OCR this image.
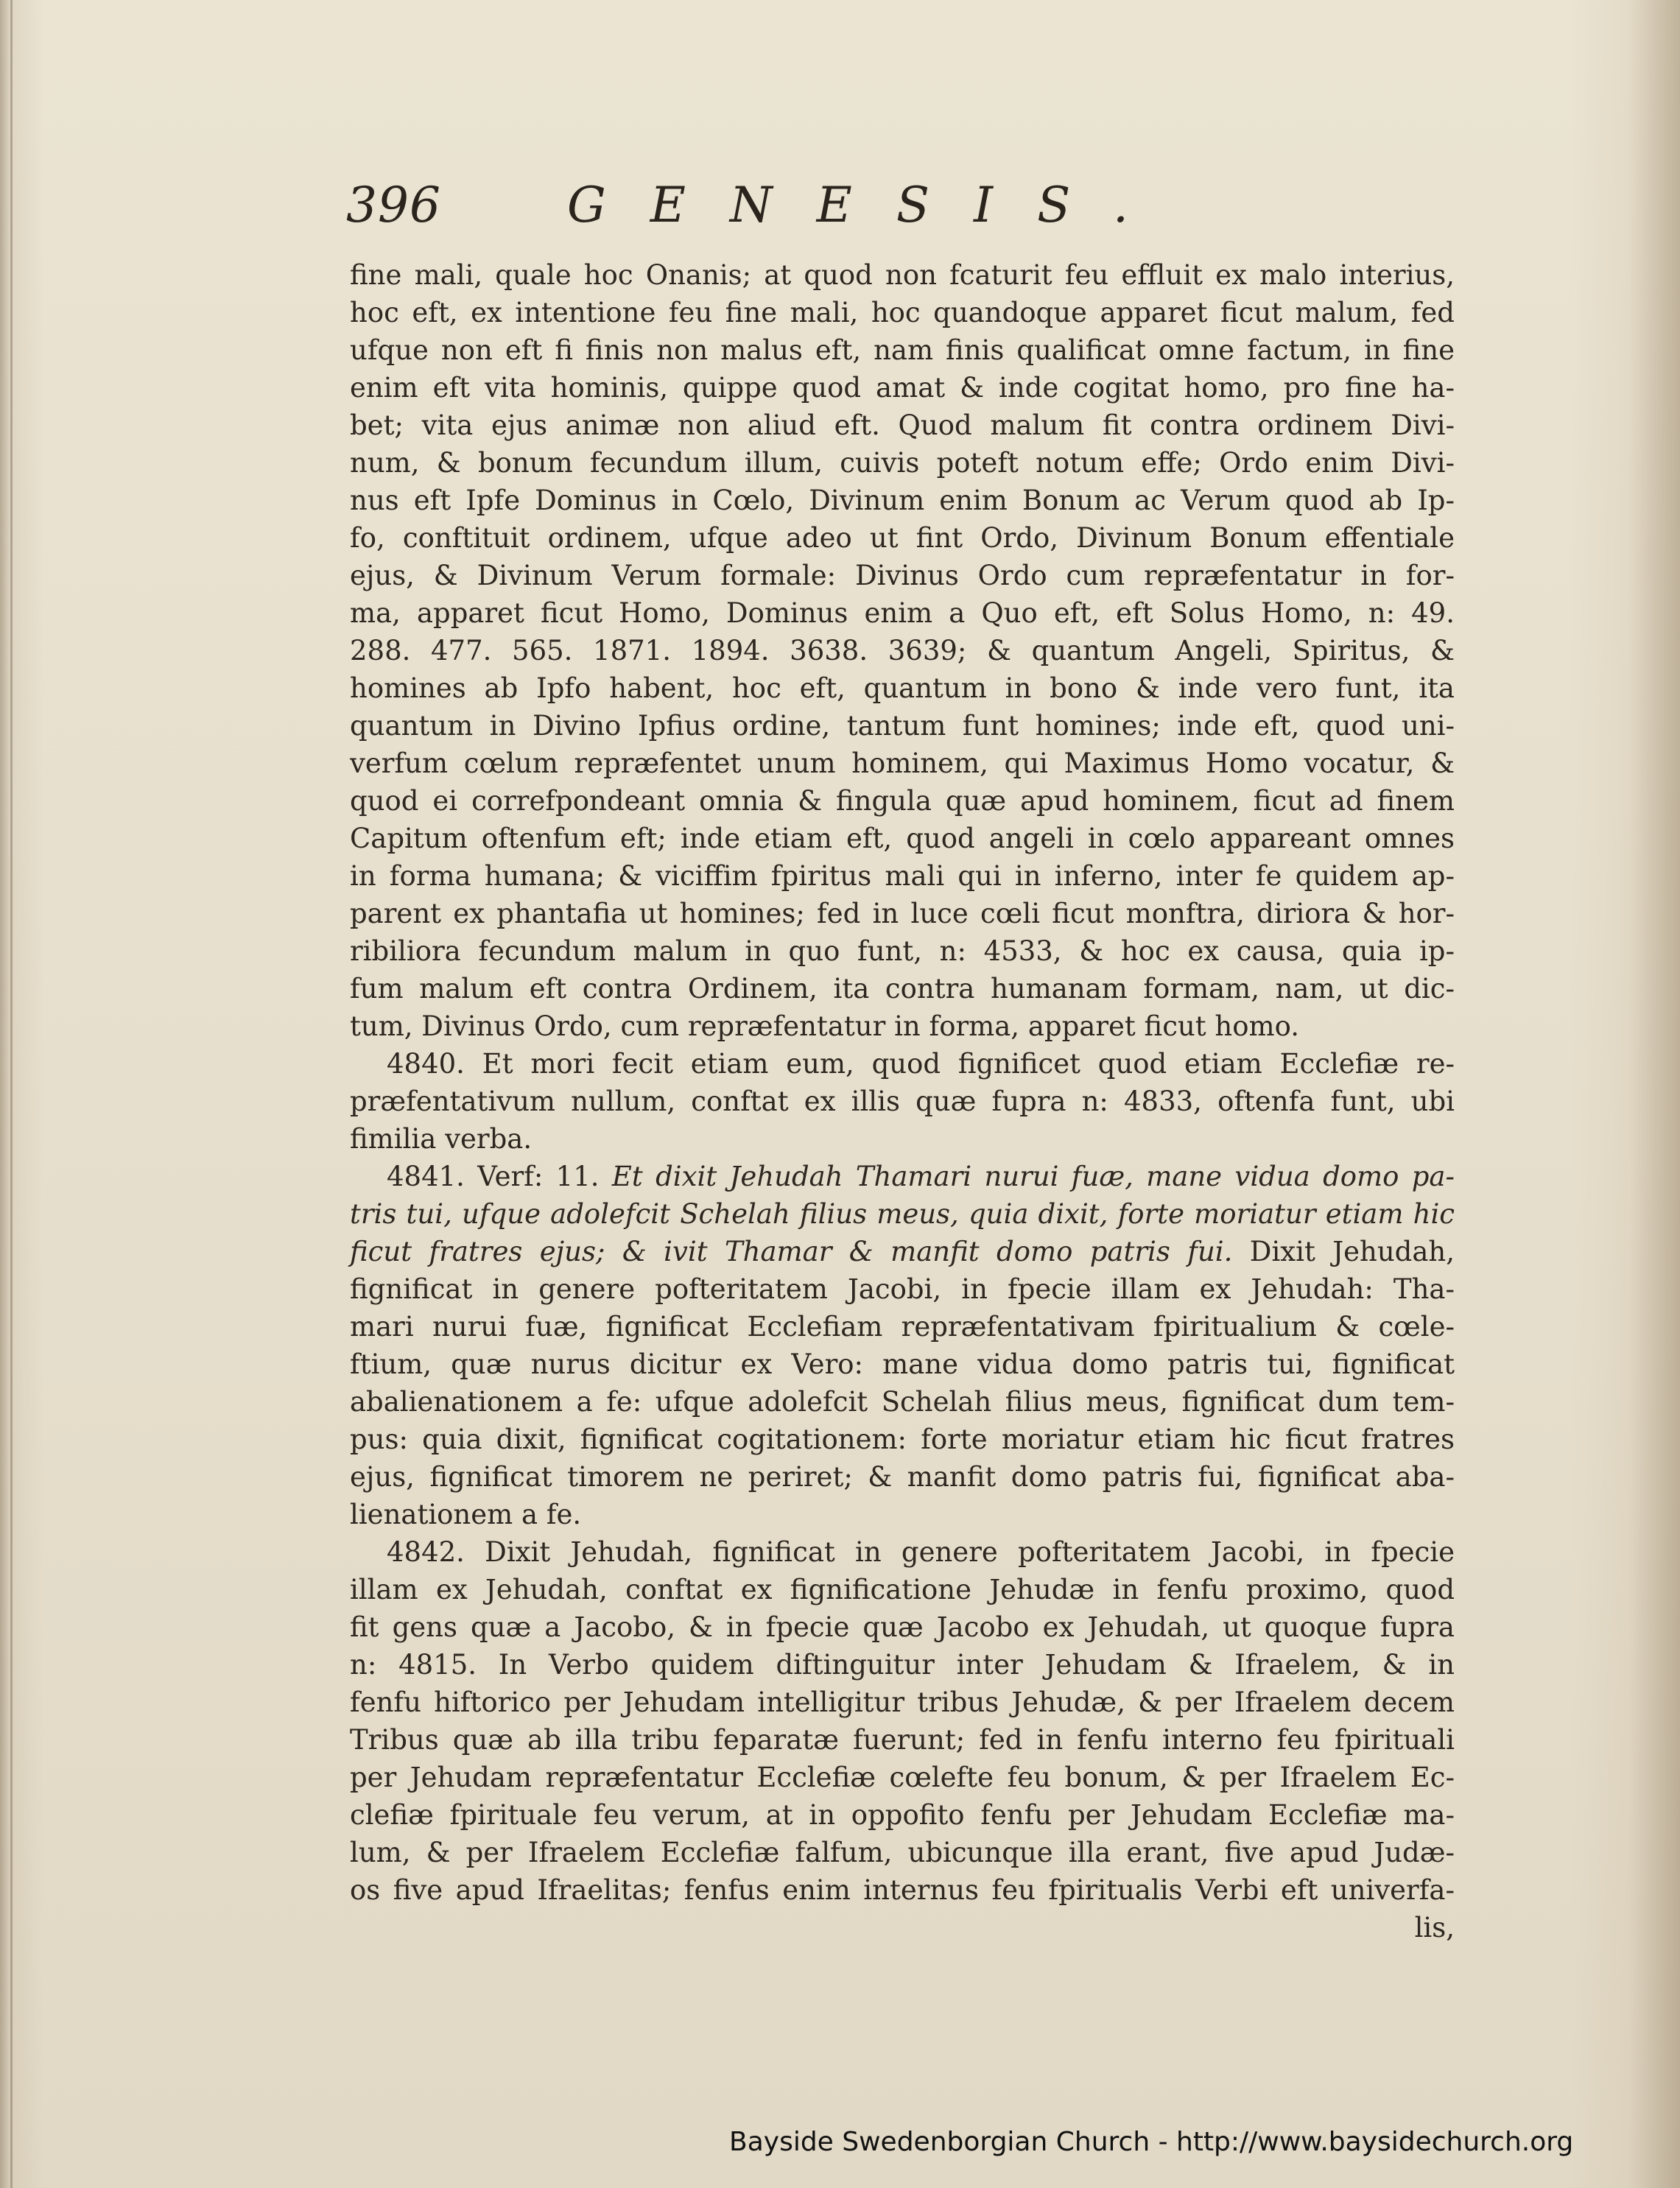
396	GENESIS.
fine mali, quale hoc Onanis; at quod non fcaturit feu effluit ex malo interius,
hoc eft, ex intentione feu fine mali, hoc quandoque apparet ficut malum, fed
ufque non eft fi finis non malus eft, nam finis qualificat omne factum, in fine
enim eft vita hominis, quippe quod amat & inde cogitat homo, pro fine ha-
bet; vita ejus animæ non aliud eft. Quod malum fit contra ordinem Divi-
num, & bonum fecundum illum, cuivis poteft notum effe; Ordo enim Divi-
nus eft Ipfe Dominus in Cœlo, Divinum enim Bonum ac Verum quod ab Ip-
fo, conftituit ordinem, ufque adeo ut fint Ordo, Divinum Bonum effentiale
ejus, & Divinum Verum formale: Divinus Ordo cum repræfentatur in for-
ma, apparet ficut Homo, Dominus enim a Quo eft, eft Solus Homo, n: 49.
288. 477. 565. 1871. 1894. 3638. 3639; & quantum Angeli, Spiritus, &
homines ab Ipfo habent, hoc eft, quantum in bono & inde vero funt, ita
quantum in Divino Ipfius ordine, tantum funt homines; inde eft, quod uni-
verfum cœlum repræfentet unum hominem, qui Maximus Homo vocatur, &
quod ei correfpondeant omnia & fingula quæ apud hominem, ficut ad finem
Capitum oftenfum eft; inde etiam eft, quod angeli in cœlo appareant omnes
in forma humana; & viciffim fpiritus mali qui in inferno, inter fe quidem ap-
parent ex phantafia ut homines; fed in luce cœli ficut monftra, diriora & hor-
ribiliora fecundum malum in quo funt, n: 4533, & hoc ex causa, quia ip-
fum malum eft contra Ordinem, ita contra humanam formam, nam, ut dic-
tum, Divinus Ordo, cum repræfentatur in forma, apparet ficut homo.
4840. Et mori fecit etiam eum, quod fignificet quod etiam Ecclefiæ re-
præfentativum nullum, conftat ex illis quæ fupra n: 4833, oftenfa funt, ubi
fimilia verba.
4841. Verf: 11. Et dixit Jehudah Thamari nurui fuæ, mane vidua domo pa-
tris tui, ufque adolefcit Schelah filius meus, quia dixit, forte moriatur etiam hic
ficut fratres ejus; & ivit Thamar & manfit domo patris fui. Dixit Jehudah,
fignificat in genere pofteritatem Jacobi, in fpecie illam ex Jehudah: Tha-
mari nurui fuæ, fignificat Ecclefiam repræfentativam fpiritualium & cœle-
ftium, quæ nurus dicitur ex Vero: mane vidua domo patris tui, fignificat
abalienationem a fe: ufque adolefcit Schelah filius meus, fignificat dum tem-
pus: quia dixit, fignificat cogitationem: forte moriatur etiam hic ficut fratres
ejus, fignificat timorem ne periret; & manfit domo patris fui, fignificat aba-
lienationem a fe.
4842. Dixit Jehudah, fignificat in genere pofteritatem Jacobi, in fpecie
illam ex Jehudah, conftat ex fignificatione Jehudæ in fenfu proximo, quod
fit gens quæ a Jacobo, & in fpecie quæ Jacobo ex Jehudah, ut quoque fupra
n: 4815. In Verbo quidem diftinguitur inter Jehudam & Ifraelem, & in
fenfu hiftorico per Jehudam intelligitur tribus Jehudæ, & per Ifraelem decem
Tribus quæ ab illa tribu feparatæ fuerunt; fed in fenfu interno feu fpirituali
per Jehudam repræfentatur Ecclefiæ cœlefte feu bonum, & per Ifraelem Ec-
clefiæ fpirituale feu verum, at in oppofito fenfu per Jehudam Ecclefiæ ma-
lum, & per Ifraelem Ecclefiæ falfum, ubicunque illa erant, five apud Judæ-
os five apud Ifraelitas; fenfus enim internus feu fpiritualis Verbi eft univerfa-
lis,
Bayside Swedenborgian Church - http://www.baysidechurch.org
